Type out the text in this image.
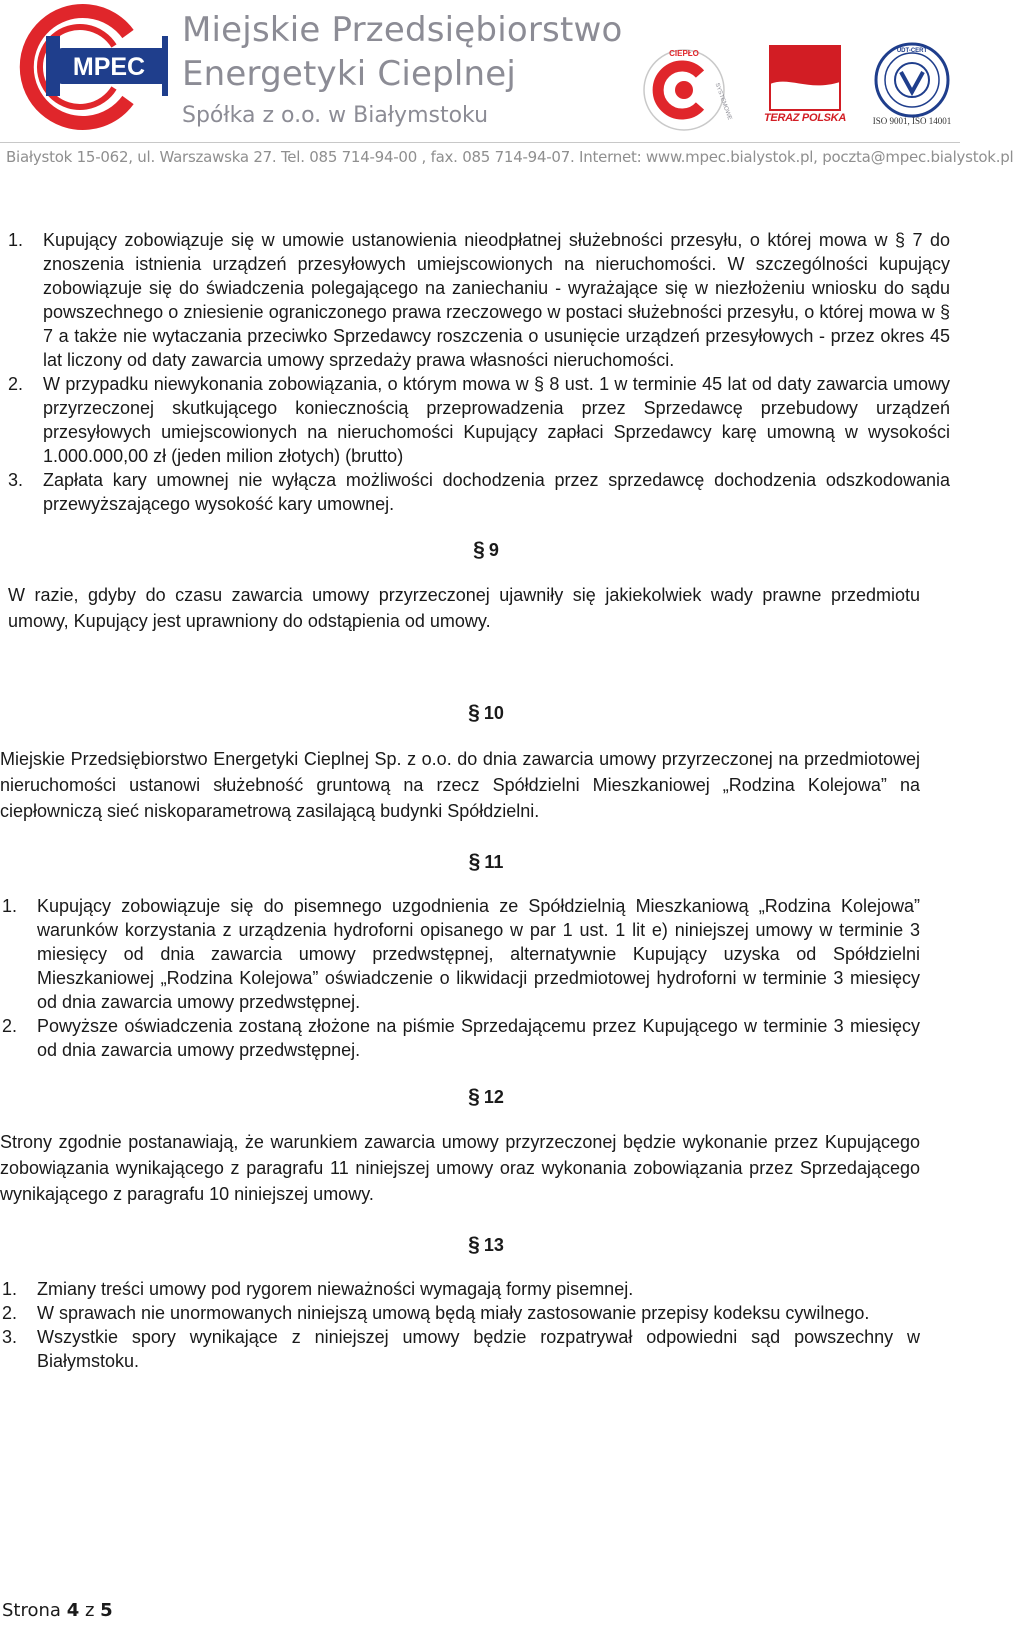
MPEC
Miejskie Przedsiębiorstwo
Energetyki Cieplnej
Spółka z o.o. w Białymstoku
CIEPŁO
SYSTEMOWE	TERAZ POLSKA
UDT-CERT
ISO 9001, ISO 14001
Białystok 15-062, ul. Warszawska 27. Tel. 085 714-94-00 , fax. 085 714-94-07. Internet: www.mpec.bialystok.pl, poczta@mpec.bialystok.pl
1. Kupujący zobowiązuje się w umowie ustanowienia nieodpłatnej służebności przesyłu, o której mowa w § 7 do znoszenia istnienia urządzeń przesyłowych umiejscowionych na nieruchomości. W szczególności kupujący zobowiązuje się do świadczenia polegającego na zaniechaniu - wyrażające się w niezłożeniu wniosku do sądu powszechnego o zniesienie ograniczonego prawa rzeczowego w postaci służebności przesyłu, o której mowa w § 7 a także nie wytaczania przeciwko Sprzedawcy roszczenia o usunięcie urządzeń przesyłowych - przez okres 45 lat liczony od daty zawarcia umowy sprzedaży prawa własności nieruchomości.
2. W przypadku niewykonania zobowiązania, o którym mowa w § 8 ust. 1 w terminie 45 lat od daty zawarcia umowy przyrzeczonej skutkującego koniecznością przeprowadzenia przez Sprzedawcę przebudowy urządzeń przesyłowych umiejscowionych na nieruchomości Kupujący zapłaci Sprzedawcy karę umowną w wysokości 1.000.000,00 zł (jeden milion złotych) (brutto)
3. Zapłata kary umownej nie wyłącza możliwości dochodzenia przez sprzedawcę dochodzenia odszkodowania przewyższającego wysokość kary umownej.
§ 9

W razie, gdyby do czasu zawarcia umowy przyrzeczonej ujawniły się jakiekolwiek wady prawne przedmiotu umowy, Kupujący jest uprawniony do odstąpienia od umowy.

§ 10

Miejskie Przedsiębiorstwo Energetyki Cieplnej Sp. z o.o. do dnia zawarcia umowy przyrzeczonej na przedmiotowej nieruchomości ustanowi służebność gruntową na rzecz Spółdzielni Mieszkaniowej „Rodzina Kolejowa” na ciepłowniczą sieć niskoparametrową zasilającą budynki Spółdzielni.

§ 11
1. Kupujący zobowiązuje się do pisemnego uzgodnienia ze Spółdzielnią Mieszkaniową „Rodzina Kolejowa” warunków korzystania z urządzenia hydroforni opisanego w par 1 ust. 1 lit e) niniejszej umowy w terminie 3 miesięcy od dnia zawarcia umowy przedwstępnej, alternatywnie Kupujący uzyska od Spółdzielni Mieszkaniowej „Rodzina Kolejowa” oświadczenie o likwidacji przedmiotowej hydroforni w terminie 3 miesięcy od dnia zawarcia umowy przedwstępnej.
2. Powyższe oświadczenia zostaną złożone na piśmie Sprzedającemu przez Kupującego w terminie 3 miesięcy od dnia zawarcia umowy przedwstępnej.
§ 12

Strony zgodnie postanawiają, że warunkiem zawarcia umowy przyrzeczonej będzie wykonanie przez Kupującego zobowiązania wynikającego z paragrafu 11 niniejszej umowy oraz wykonania zobowiązania przez Sprzedającego wynikającego z paragrafu 10 niniejszej umowy.

§ 13
1. Zmiany treści umowy pod rygorem nieważności wymagają formy pisemnej.
2. W sprawach nie unormowanych niniejszą umową będą miały zastosowanie przepisy kodeksu cywilnego.
3. Wszystkie spory wynikające z niniejszej umowy będzie rozpatrywał odpowiedni sąd powszechny w Białymstoku.
Strona 4 z 5
